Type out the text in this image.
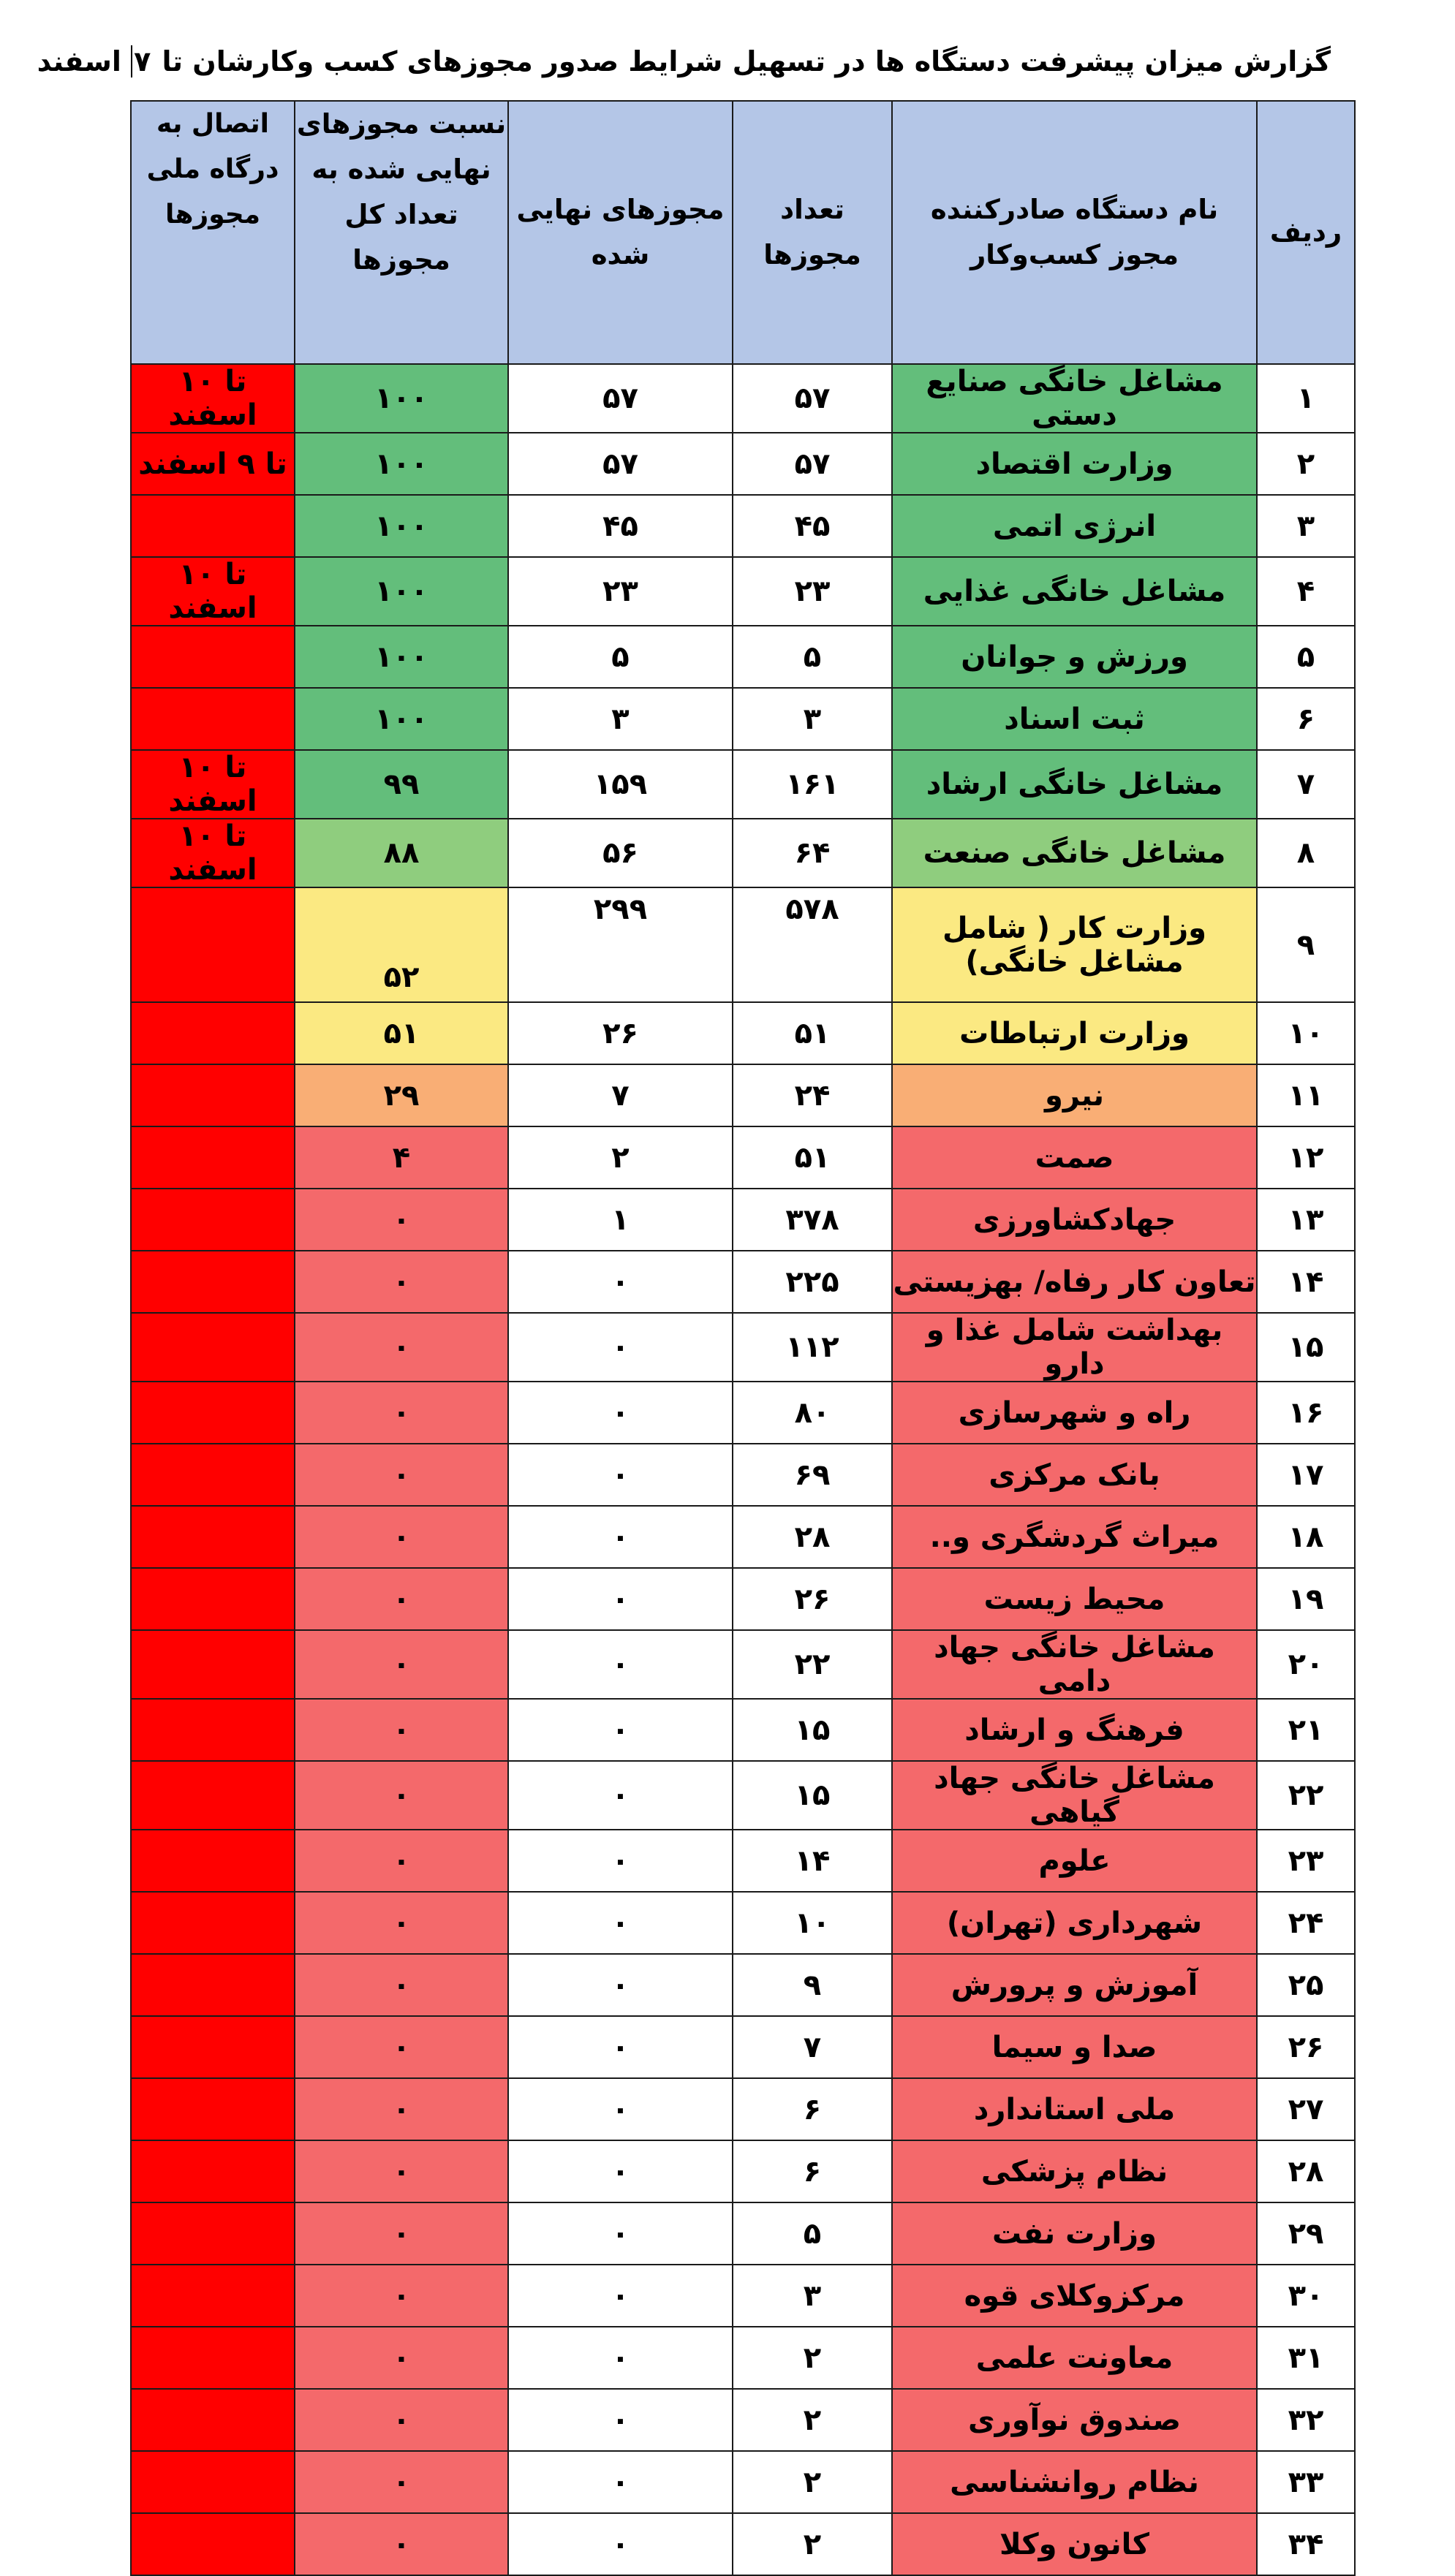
گزارش میزان پیشرفت دستگاه ها در تسهیل شرایط صدور مجوزهای کسب وکارشان تا ۷ اسفند
ردیف	نام دستگاه صادرکننده مجوز کسب‌وکار	تعداد مجوزها	مجوزهای نهایی شده	نسبت مجوزهای نهایی شده به تعداد کل مجوزها	اتصال به درگاه ملی مجوزها
۱	مشاغل خانگی صنایع دستی	۵۷	۵۷	۱۰۰	تا ۱۰ اسفند
۲	وزارت اقتصاد	۵۷	۵۷	۱۰۰	تا ۹ اسفند
۳	انرژی اتمی	۴۵	۴۵	۱۰۰	
۴	مشاغل خانگی غذایی	۲۳	۲۳	۱۰۰	تا ۱۰ اسفند
۵	ورزش و جوانان	۵	۵	۱۰۰	
۶	ثبت اسناد	۳	۳	۱۰۰	
۷	مشاغل خانگی ارشاد	۱۶۱	۱۵۹	۹۹	تا ۱۰ اسفند
۸	مشاغل خانگی صنعت	۶۴	۵۶	۸۸	تا ۱۰ اسفند
۹	وزارت کار ( شامل مشاغل خانگی)	۵۷۸	۲۹۹	۵۲	
۱۰	وزارت ارتباطات	۵۱	۲۶	۵۱	
۱۱	نیرو	۲۴	۷	۲۹	
۱۲	صمت	۵۱	۲	۴	
۱۳	جهادکشاورزی	۳۷۸	۱	۰	
۱۴	تعاون کار رفاه/ بهزیستی	۲۲۵	۰	۰	
۱۵	بهداشت شامل غذا و دارو	۱۱۲	۰	۰	
۱۶	راه و شهرسازی	۸۰	۰	۰	
۱۷	بانک مرکزی	۶۹	۰	۰	
۱۸	میراث گردشگری و..	۲۸	۰	۰	
۱۹	محیط زیست	۲۶	۰	۰	
۲۰	مشاغل خانگی جهاد دامی	۲۲	۰	۰	
۲۱	فرهنگ و ارشاد	۱۵	۰	۰	
۲۲	مشاغل خانگی جهاد گیاهی	۱۵	۰	۰	
۲۳	علوم	۱۴	۰	۰	
۲۴	شهرداری (تهران)	۱۰	۰	۰	
۲۵	آموزش و پرورش	۹	۰	۰	
۲۶	صدا و سیما	۷	۰	۰	
۲۷	ملی استاندارد	۶	۰	۰	
۲۸	نظام پزشکی	۶	۰	۰	
۲۹	وزارت نفت	۵	۰	۰	
۳۰	مرکزوکلای قوه	۳	۰	۰	
۳۱	معاونت علمی	۲	۰	۰	
۳۲	صندوق نوآوری	۲	۰	۰	
۳۳	نظام روانشناسی	۲	۰	۰	
۳۴	کانون وکلا	۲	۰	۰	
